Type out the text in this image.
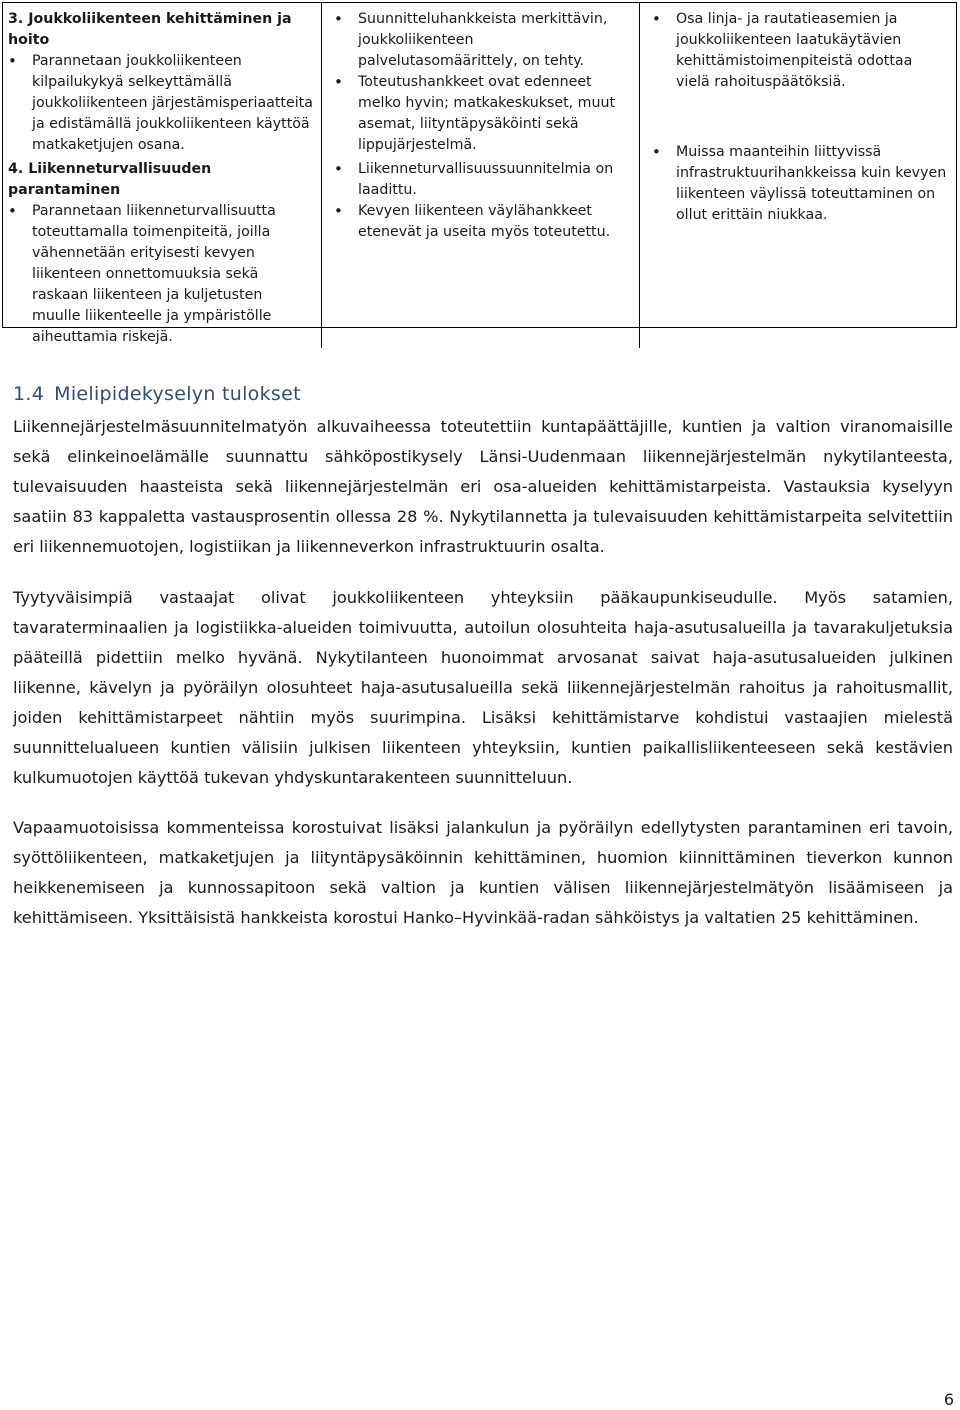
3. Joukkoliikenteen kehittäminen ja hoito

• Parannetaan joukkoliikenteen kilpailukykyä selkeyttämällä joukkoliikenteen järjestämisperiaatteita ja edistämällä joukkoliikenteen käyttöä matkaketjujen osana.

4. Liikenneturvallisuuden parantaminen

• Parannetaan liikenneturvallisuutta toteuttamalla toimenpiteitä, joilla vähennetään erityisesti kevyen liikenteen onnettomuuksia sekä raskaan liikenteen ja kuljetusten muulle liikenteelle ja ympäristölle aiheuttamia riskejä.
• Suunnitteluhankkeista merkittävin, joukkoliikenteen palvelutasomäärittely, on tehty.
• Toteutushankkeet ovat edenneet melko hyvin; matkakeskukset, muut asemat, liityntäpysäköinti sekä lippujärjestelmä.
• Liikenneturvallisuussuunnitelmia on laadittu.
• Kevyen liikenteen väylähankkeet etenevät ja useita myös toteutettu.
• Osa linja- ja rautatieasemien ja joukkoliikenteen laatukäytävien kehittämistoimenpiteistä odottaa vielä rahoituspäätöksiä.
• Muissa maanteihin liittyvissä infrastruktuurihankkeissa kuin kevyen liikenteen väylissä toteuttaminen on ollut erittäin niukkaa.
1.4 Mielipidekyselyn tulokset

Liikennejärjestelmäsuunnitelmatyön alkuvaiheessa toteutettiin kuntapäättäjille, kuntien ja valtion viranomaisille sekä elinkeinoelämälle suunnattu sähköpostikysely Länsi-Uudenmaan liikennejärjestelmän nykytilanteesta, tulevaisuuden haasteista sekä liikennejärjestelmän eri osa-alueiden kehittämistarpeista. Vastauksia kyselyyn saatiin 83 kappaletta vastausprosentin ollessa 28 %. Nykytilannetta ja tulevaisuuden kehittämistarpeita selvitettiin eri liikennemuotojen, logistiikan ja liikenneverkon infrastruktuurin osalta.

Tyytyväisimpiä vastaajat olivat joukkoliikenteen yhteyksiin pääkaupunkiseudulle. Myös satamien, tavaraterminaalien ja logistiikka-alueiden toimivuutta, autoilun olosuhteita haja-asutusalueilla ja tavarakuljetuksia pääteillä pidettiin melko hyvänä. Nykytilanteen huonoimmat arvosanat saivat haja-asutusalueiden julkinen liikenne, kävelyn ja pyöräilyn olosuhteet haja-asutusalueilla sekä liikennejärjestelmän rahoitus ja rahoitusmallit, joiden kehittämistarpeet nähtiin myös suurimpina. Lisäksi kehittämistarve kohdistui vastaajien mielestä suunnittelualueen kuntien välisiin julkisen liikenteen yhteyksiin, kuntien paikallisliikenteeseen sekä kestävien kulkumuotojen käyttöä tukevan yhdyskuntarakenteen suunnitteluun.

Vapaamuotoisissa kommenteissa korostuivat lisäksi jalankulun ja pyöräilyn edellytysten parantaminen eri tavoin, syöttöliikenteen, matkaketjujen ja liityntäpysäköinnin kehittäminen, huomion kiinnittäminen tieverkon kunnon heikkenemiseen ja kunnossapitoon sekä valtion ja kuntien välisen liikennejärjestelmätyön lisäämiseen ja kehittämiseen. Yksittäisistä hankkeista korostui Hanko–Hyvinkää-radan sähköistys ja valtatien 25 kehittäminen.

6
